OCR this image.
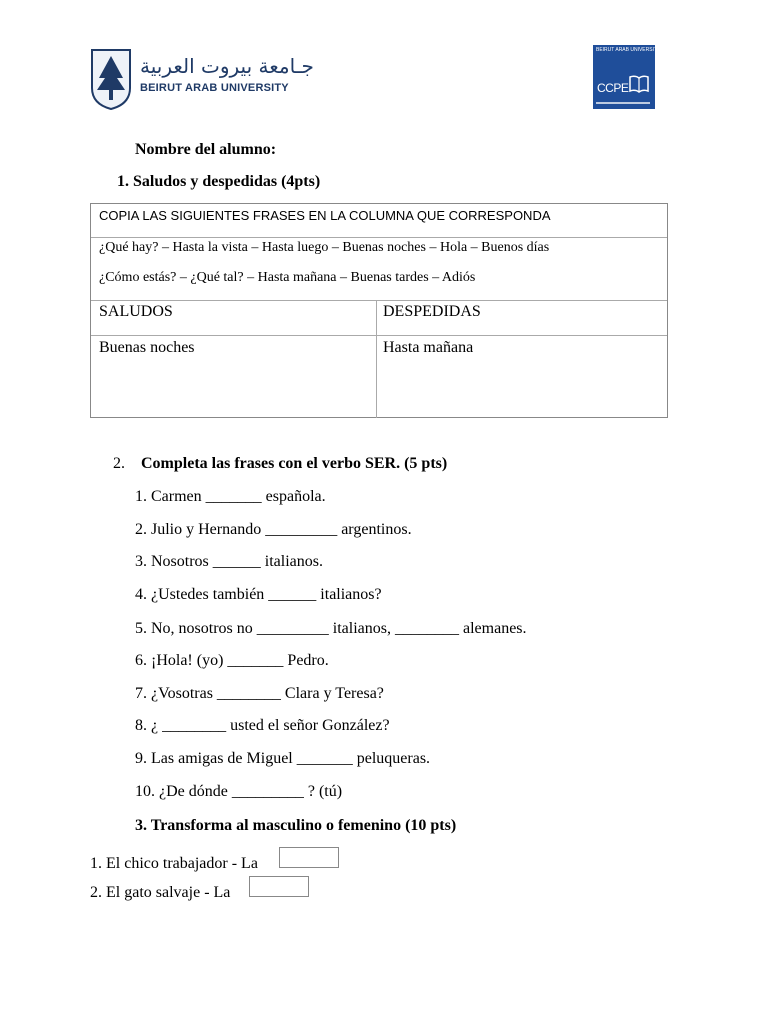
جـامعة بيروت العربية
BEIRUT ARAB UNIVERSITY
BEIRUT ARAB UNIVERSITY
CCPE
Nombre del alumno:
1. Saludos y despedidas (4pts)
COPIA LAS SIGUIENTES FRASES EN LA COLUMNA QUE CORRESPONDA
¿Qué hay? – Hasta la vista – Hasta luego – Buenas noches – Hola – Buenos días
¿Cómo estás? – ¿Qué tal? – Hasta mañana – Buenas tardes – Adiós
SALUDOS	DESPEDIDAS
Buenas noches	Hasta mañana
2. Completa las frases con el verbo SER. (5 pts)
1. Carmen _______ española.
2. Julio y Hernando _________ argentinos.
3. Nosotros ______ italianos.
4. ¿Ustedes también ______ italianos?
5. No, nosotros no _________ italianos, ________ alemanes.
6. ¡Hola! (yo) _______ Pedro.
7. ¿Vosotras ________ Clara y Teresa?
8. ¿ ________ usted el señor González?
9. Las amigas de Miguel _______ peluqueras.
10. ¿De dónde _________ ? (tú)
3. Transforma al masculino o femenino (10 pts)
1. El chico trabajador - La
2. El gato salvaje - La
